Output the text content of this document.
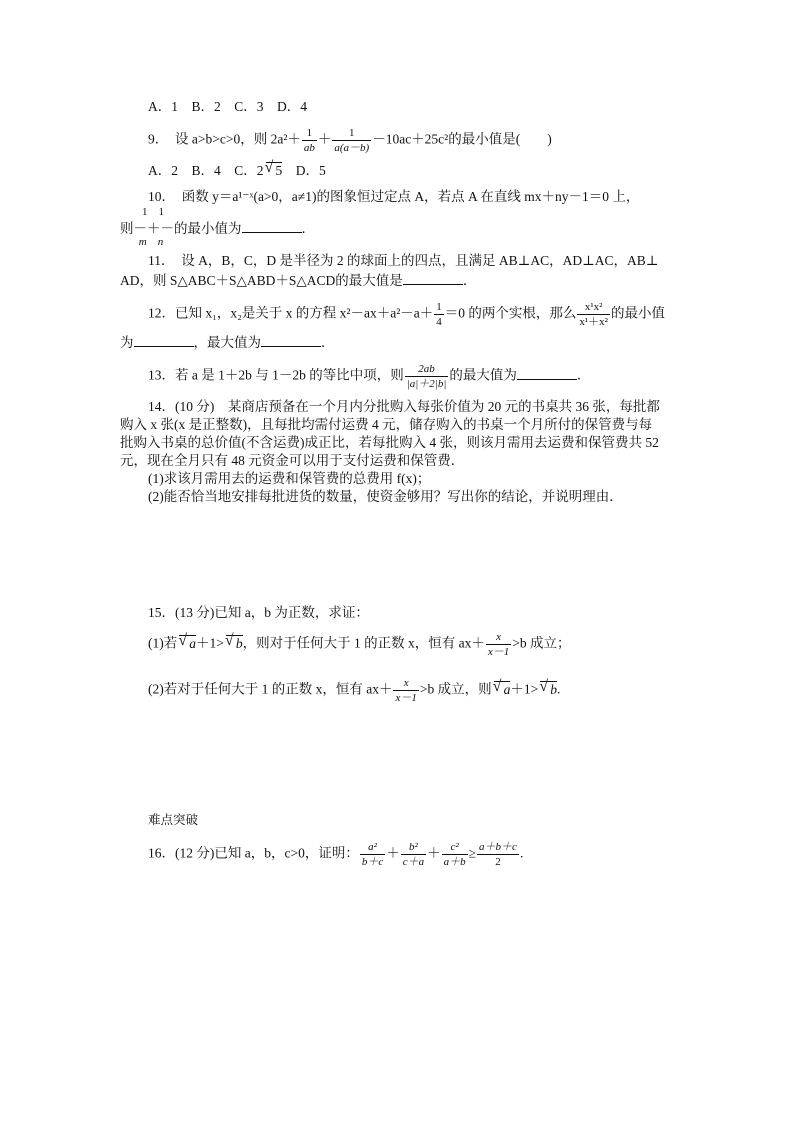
A．1　B．2　C．3　D．4
9．　设 a>b>c>0，则 $2a^2+ \frac{1}{ab} + \frac{1}{a(a-b)} -10ac+25c^2$的最小值是(　　)
A．2　B．4　C．2 √ 5　D．5
10．　函数 y＝a¹⁻ˣ(a>0，a≠1)的图象恒过定点 A，若点 A 在直线 mx＋ny－1＝0 上，
1　1
则－＋－的最小值为	．
m　n
11．　设 A，B，C，D 是半径为 2 的球面上的四点，且满足 AB⊥AC，AD⊥AC，AB⊥
AD，则 S△ABC＋S△ABD＋S△ACD的最大值是	．
12．已知 x₁，x₂是关于 x 的方程 $x^2-ax+a^2-a+ \frac{1}{4} =0$ 的两个实根，那么 $\frac{\text{x¹x²}}{\text{x¹＋x²}}$ 的最小值
为	，最大值为	．
13．若 a 是 1＋2b 与 1－2b 的等比中项，则 $\frac{2ab}{|a|+2|b|}$ 的最大值为	．
14．(10 分)　某商店预备在一个月内分批购入每张价值为 20 元的书桌共 36 张，每批都
购入 x 张(x 是正整数)，且每批均需付运费 4 元，储存购入的书桌一个月所付的保管费与每
批购入书桌的总价值(不含运费)成正比，若每批购入 4 张，则该月需用去运费和保管费共 52
元，现在全月只有 48 元资金可以用于支付运费和保管费．
(1)求该月需用去的运费和保管费的总费用 f(x)；
(2)能否恰当地安排每批进货的数量，使资金够用？写出你的结论，并说明理由．
15．(13 分)已知 a，b 为正数，求证：
(1)若 √ a＋1> √ b，则对于任何大于 1 的正数 x，恒有 $ax+ \frac{x}{x-1} >b$ 成立；
(2)若对于任何大于 1 的正数 x，恒有 $ax+ \frac{x}{x-1} >b$ 成立，则 √ a＋1> √ b.
难点突破
16．(12 分)已知 a，b，c>0，证明： $\frac{\text{a²}}{b+c} + \frac{\text{b²}}{c+a} + \frac{\text{c²}}{a+b} \ge \frac{a+b+c}{2}$ .
